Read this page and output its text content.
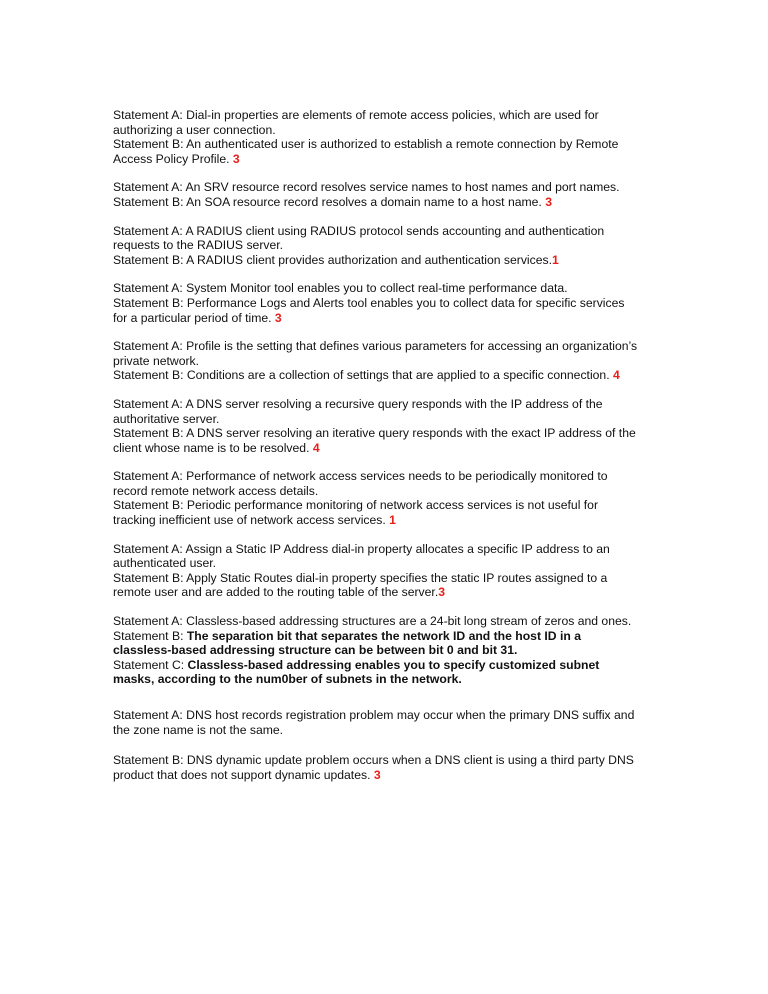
Statement A: Dial-in properties are elements of remote access policies, which are used for
authorizing a user connection.
Statement B: An authenticated user is authorized to establish a remote connection by Remote
Access Policy Profile. 3
Statement A: An SRV resource record resolves service names to host names and port names.
Statement B: An SOA resource record resolves a domain name to a host name. 3
Statement A: A RADIUS client using RADIUS protocol sends accounting and authentication
requests to the RADIUS server.
Statement B: A RADIUS client provides authorization and authentication services.1
Statement A: System Monitor tool enables you to collect real-time performance data.
Statement B: Performance Logs and Alerts tool enables you to collect data for specific services
for a particular period of time. 3
Statement A: Profile is the setting that defines various parameters for accessing an organization’s
private network.
Statement B: Conditions are a collection of settings that are applied to a specific connection. 4
Statement A: A DNS server resolving a recursive query responds with the IP address of the
authoritative server.
Statement B: A DNS server resolving an iterative query responds with the exact IP address of the
client whose name is to be resolved. 4
Statement A: Performance of network access services needs to be periodically monitored to
record remote network access details.
Statement B: Periodic performance monitoring of network access services is not useful for
tracking inefficient use of network access services. 1
Statement A: Assign a Static IP Address dial-in property allocates a specific IP address to an
authenticated user.
Statement B: Apply Static Routes dial-in property specifies the static IP routes assigned to a
remote user and are added to the routing table of the server.3
Statement A: Classless-based addressing structures are a 24-bit long stream of zeros and ones.
Statement B: The separation bit that separates the network ID and the host ID in a
classless-based addressing structure can be between bit 0 and bit 31.
Statement C: Classless-based addressing enables you to specify customized subnet
masks, according to the num0ber of subnets in the network.
Statement A: DNS host records registration problem may occur when the primary DNS suffix and
the zone name is not the same.
Statement B: DNS dynamic update problem occurs when a DNS client is using a third party DNS
product that does not support dynamic updates. 3
